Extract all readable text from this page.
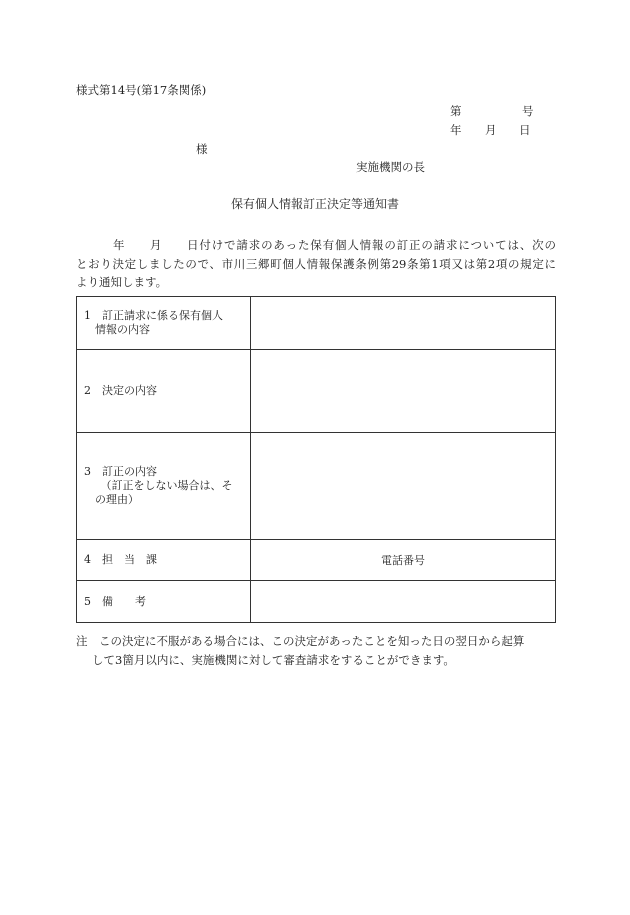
様式第14号(第17条関係)
第	号
年 月 日
様
実施機関の長
保有個人情報訂正決定等通知書
　　　年　　月　　日付けで請求のあった保有個人情報の訂正の請求については、次の
とおり決定しましたので、市川三郷町個人情報保護条例第29条第1項又は第2項の規定に
より通知します。
1　訂正請求に係る保有個人
　情報の内容	

2　決定の内容	

3　訂正の内容
　　（訂正をしない場合は、そ
　の理由）	

4　担　当　課	電話番号

5　備　　考	

注　この決定に不服がある場合には、この決定があったことを知った日の翌日から起算
して3箇月以内に、実施機関に対して審査請求をすることができます。
